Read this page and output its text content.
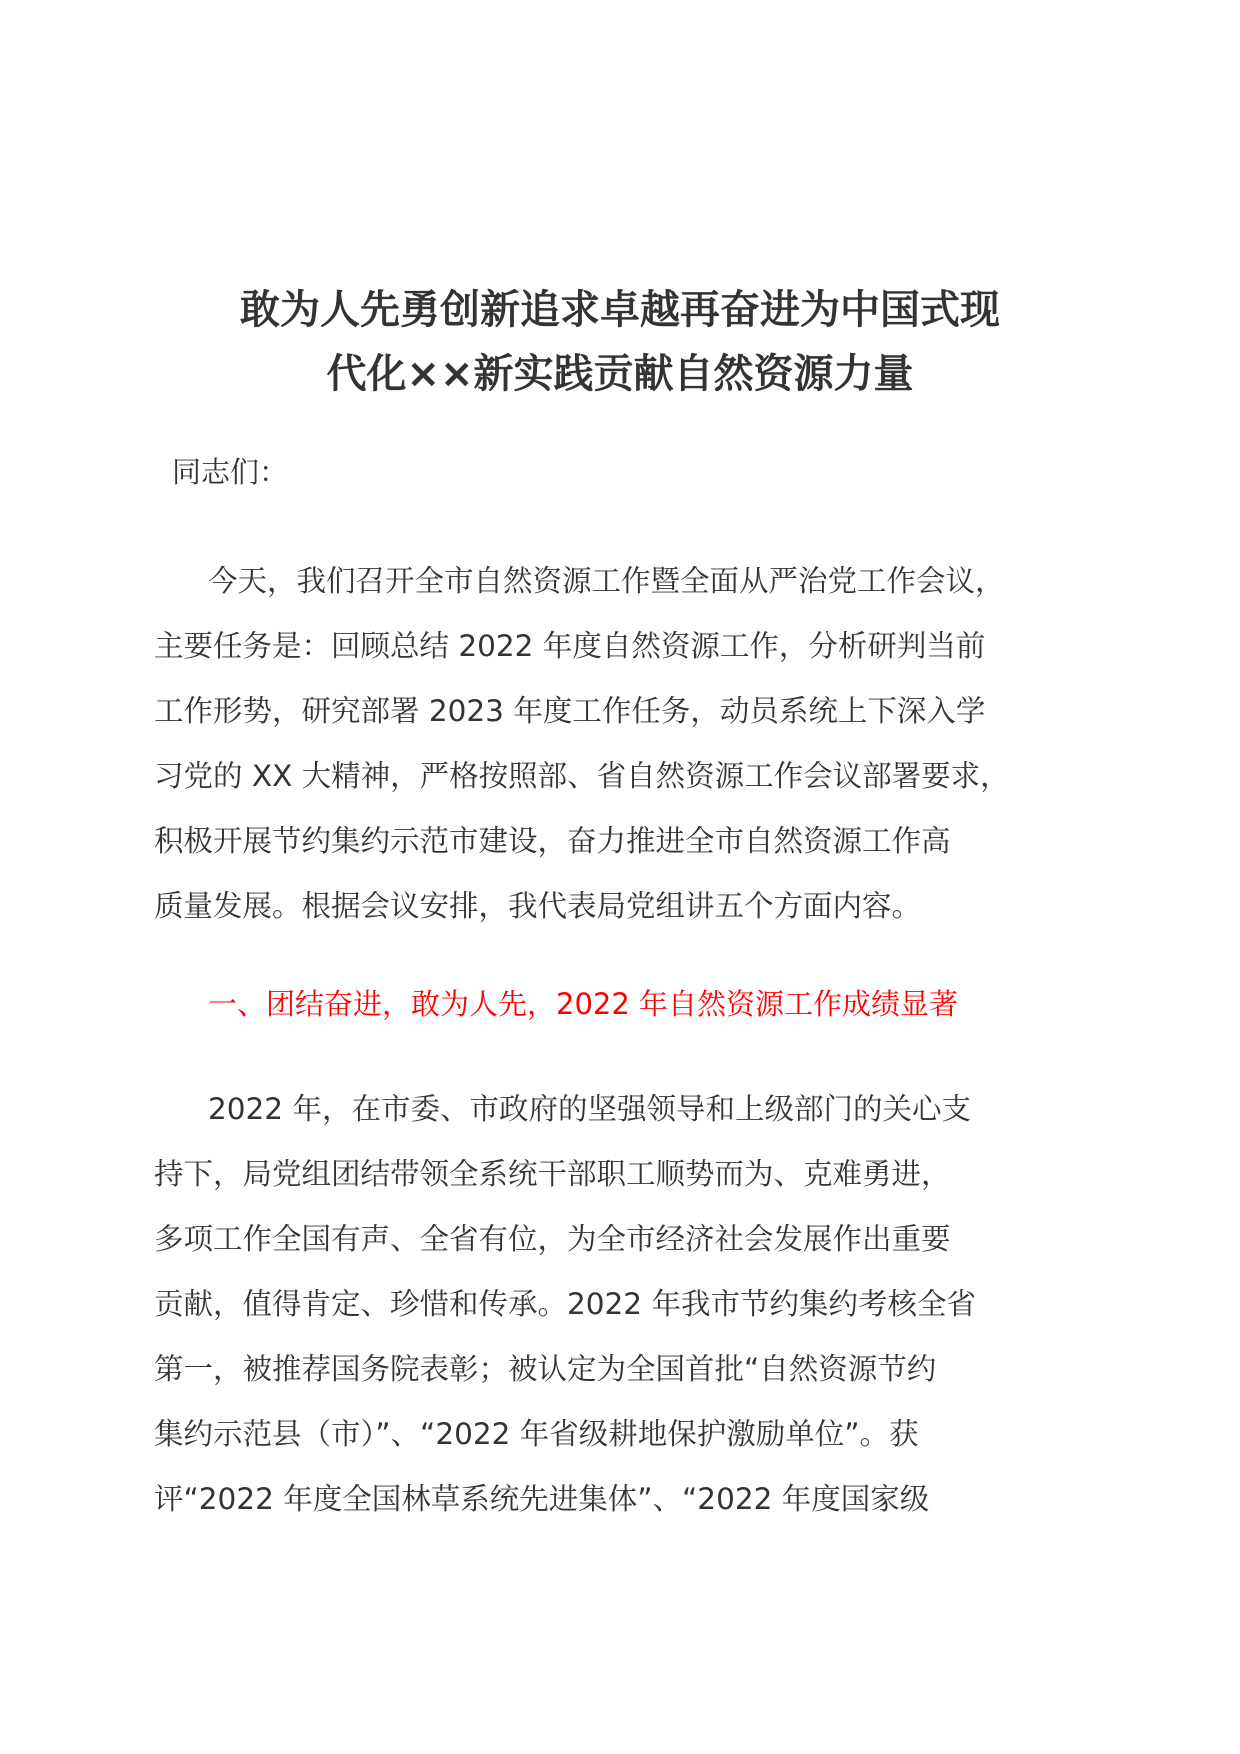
敢为人先勇创新追求卓越再奋进为中国式现
代化××新实践贡献自然资源力量
同志们：
今天，我们召开全市自然资源工作暨全面从严治党工作会议，
主要任务是：回顾总结 2022 年度自然资源工作，分析研判当前
工作形势，研究部署 2023 年度工作任务，动员系统上下深入学
习党的 XX 大精神，严格按照部、省自然资源工作会议部署要求，
积极开展节约集约示范市建设，奋力推进全市自然资源工作高
质量发展。根据会议安排，我代表局党组讲五个方面内容。
一、团结奋进，敢为人先，2022 年自然资源工作成绩显著
2022 年，在市委、市政府的坚强领导和上级部门的关心支
持下，局党组团结带领全系统干部职工顺势而为、克难勇进，
多项工作全国有声、全省有位，为全市经济社会发展作出重要
贡献，值得肯定、珍惜和传承。2022 年我市节约集约考核全省
第一，被推荐国务院表彰；被认定为全国首批“自然资源节约
集约示范县（市）”、“2022 年省级耕地保护激励单位”。获
评“2022 年度全国林草系统先进集体”、“2022 年度国家级
